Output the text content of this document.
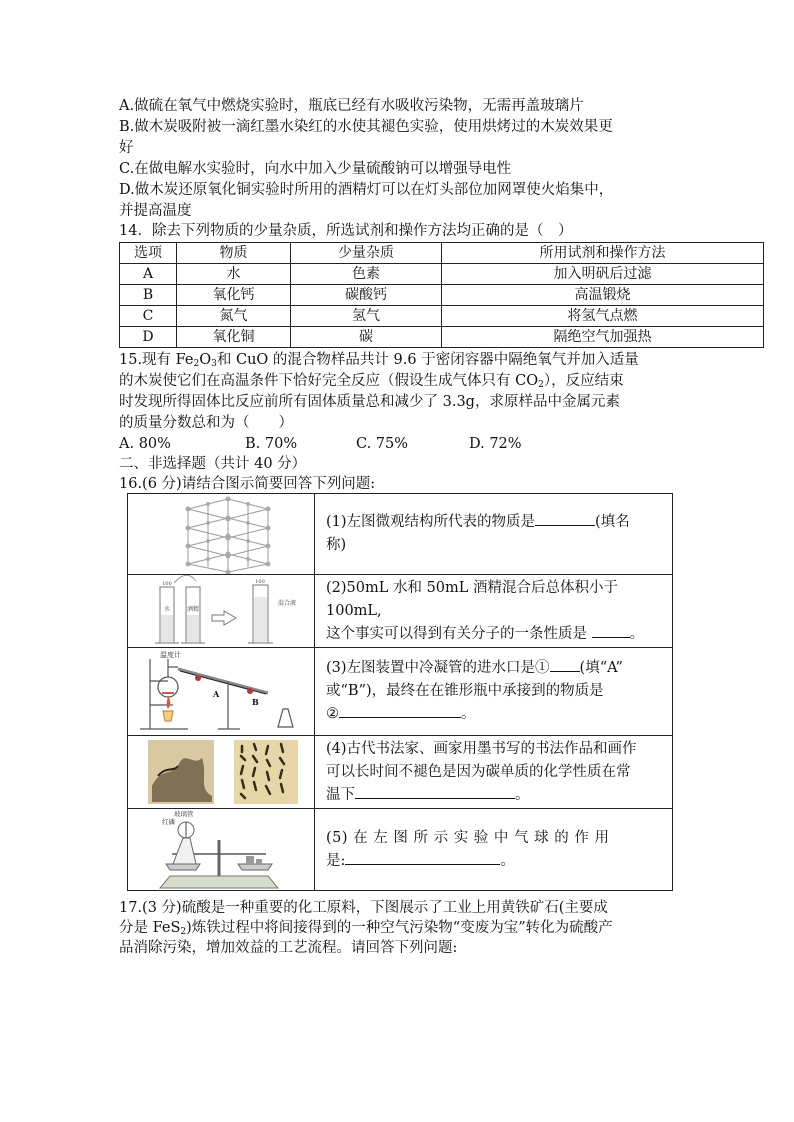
A.做硫在氧气中燃烧实验时，瓶底已经有水吸收污染物，无需再盖玻璃片
B.做木炭吸附被一滴红墨水染红的水使其褪色实验，使用烘烤过的木炭效果更
好
C.在做电解水实验时，向水中加入少量硫酸钠可以增强导电性
D.做木炭还原氧化铜实验时所用的酒精灯可以在灯头部位加网罩使火焰集中，
并提高温度
14．除去下列物质的少量杂质，所选试剂和操作方法均正确的是（　）
选项	物质	少量杂质	所用试剂和操作方法
A	水	色素	加入明矾后过滤
B	氧化钙	碳酸钙	高温锻烧
C	氮气	氢气	将氢气点燃
D	氧化铜	碳	隔绝空气加强热
15.现有 $Fe_2O_3$和 CuO 的混合物样品共计 9.6 于密闭容器中隔绝氧气并加入适量
的木炭使它们在高温条件下恰好完全反应（假设生成气体只有 $CO_2$），反应结束
时发现所得固体比反应前所有固体质量总和减少了 3.3g，求原样品中金属元素
的质量分数总和为（　　）
A. 80%	B. 70%	C. 75%	D. 72%
二、非选择题（共计 40 分）
16.(6 分)请结合图示简要回答下列问题:
	(1)左图微观结构所代表的物质是 (填名
称)

100 100
水 酒精
混合液	(2)50mL 水和 50mL 酒精混合后总体积小于 100mL,
这个事实可以得到有关分子的一条性质是 。

温度计
A
B	(3)左图装置中冷凝管的进水口是① (填“A”
或“B”)，最终在在锥形瓶中承接到的物质是
② 。

	(4)古代书法家、画家用墨书写的书法作品和画作
可以长时间不褪色是因为碳单质的化学性质在常
温下 。

玻璃管
红磷	(5) 在 左 图 所 示 实 验 中 气 球 的 作 用
是: 。
17.(3 分)硫酸是一种重要的化工原料，下图展示了工业上用黄铁矿石(主要成
分是 FeS$_2$)炼铁过程中将间接得到的一种空气污染物“变废为宝”转化为硫酸产
品消除污染，增加效益的工艺流程。请回答下列问题:
